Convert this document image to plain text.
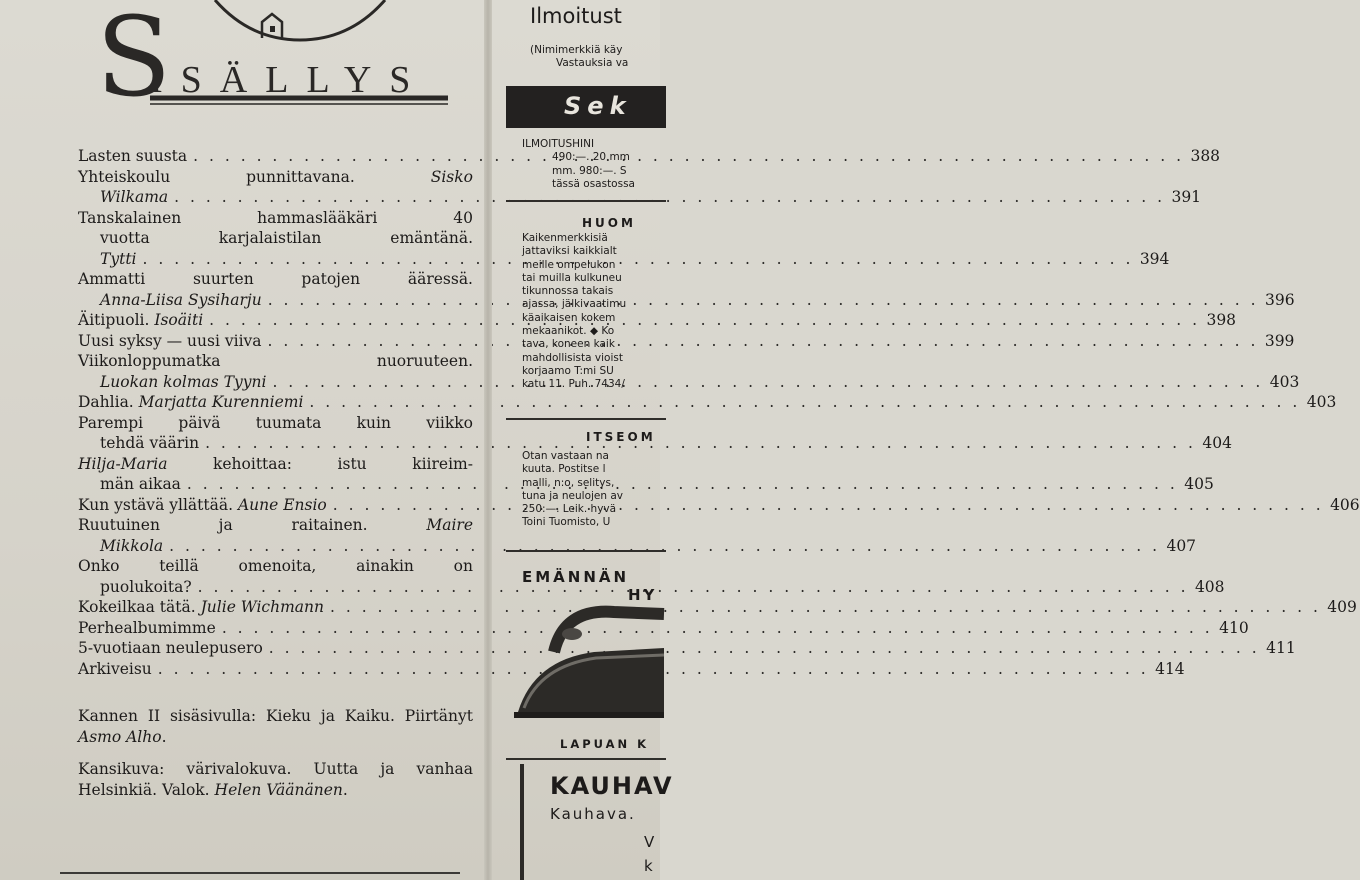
S
ISÄLLYS
Lasten suusta . . .	388
Yhteiskoulu punnittavana.	Sisko
Wilkama . . .	391
Tanskalainen hammaslääkäri 40
vuotta karjalaistilan emäntänä.
Tytti . . .	394
Ammatti suurten patojen ääressä.
Anna-Liisa Sysiharju . . .	396
Äitipuoli.
Isoäiti . . .	398
Uusi syksy — uusi viiva . . .	399
Viikonloppumatka nuoruuteen.
Luokan kolmas Tyyni . . .	403
Dahlia.
Marjatta Kurenniemi . . .	403
Parempi päivä tuumata kuin viikko
tehdä väärin . . .	404
Hilja-Maria	kehoittaa: istu kiireim-
män aikaa . . .	405
Kun ystävä yllättää.
Aune Ensio . . .	406
Ruutuinen ja raitainen.	Maire
Mikkola . . .	407
Onko teillä omenoita, ainakin on
puolukoita? . . .	408
Kokeilkaa tätä.
Julie Wichmann . . .	409
Perhealbumimme . . .	410
5-vuotiaan neulepusero . . .	411
Arkiveisu . . .	414

Kannen II sisäsivulla: Kieku ja Kaiku. Piirtänyt Asmo Alho.

Kansikuva: värivalokuva. Uutta ja vanhaa Helsinkiä. Valok. Helen Väänänen.

Ilmoitust
(Nimimerkkiä käy
Vastauksia va
Sek
ILMOITUSHINI
490:—. 20 mm
mm. 980:—. S
tässä osastossa
HUOM
Kaikenmerkkisiä
jattaviksi kaikkialt
meille ompelukon
tai muilla kulkuneu
tikunnossa takais
ajassa, jälkivaatimu
käaikaisen kokem
mekaanikot. ◆ Ko
tava, koneen kaik
mahdollisista vioist
korjaamo T:mi SU
katu 11. Puh. 7434/
ITSEOM
Otan vastaan na
kuuta. Postitse l
malli, n:o, selitys,
tuna ja neulojen av
250:—. Leik. hyvä
Toini Tuomisto, U
EMÄNNÄN
HY
LAPUAN K
KAUHAV
Kauhava.
V
k
